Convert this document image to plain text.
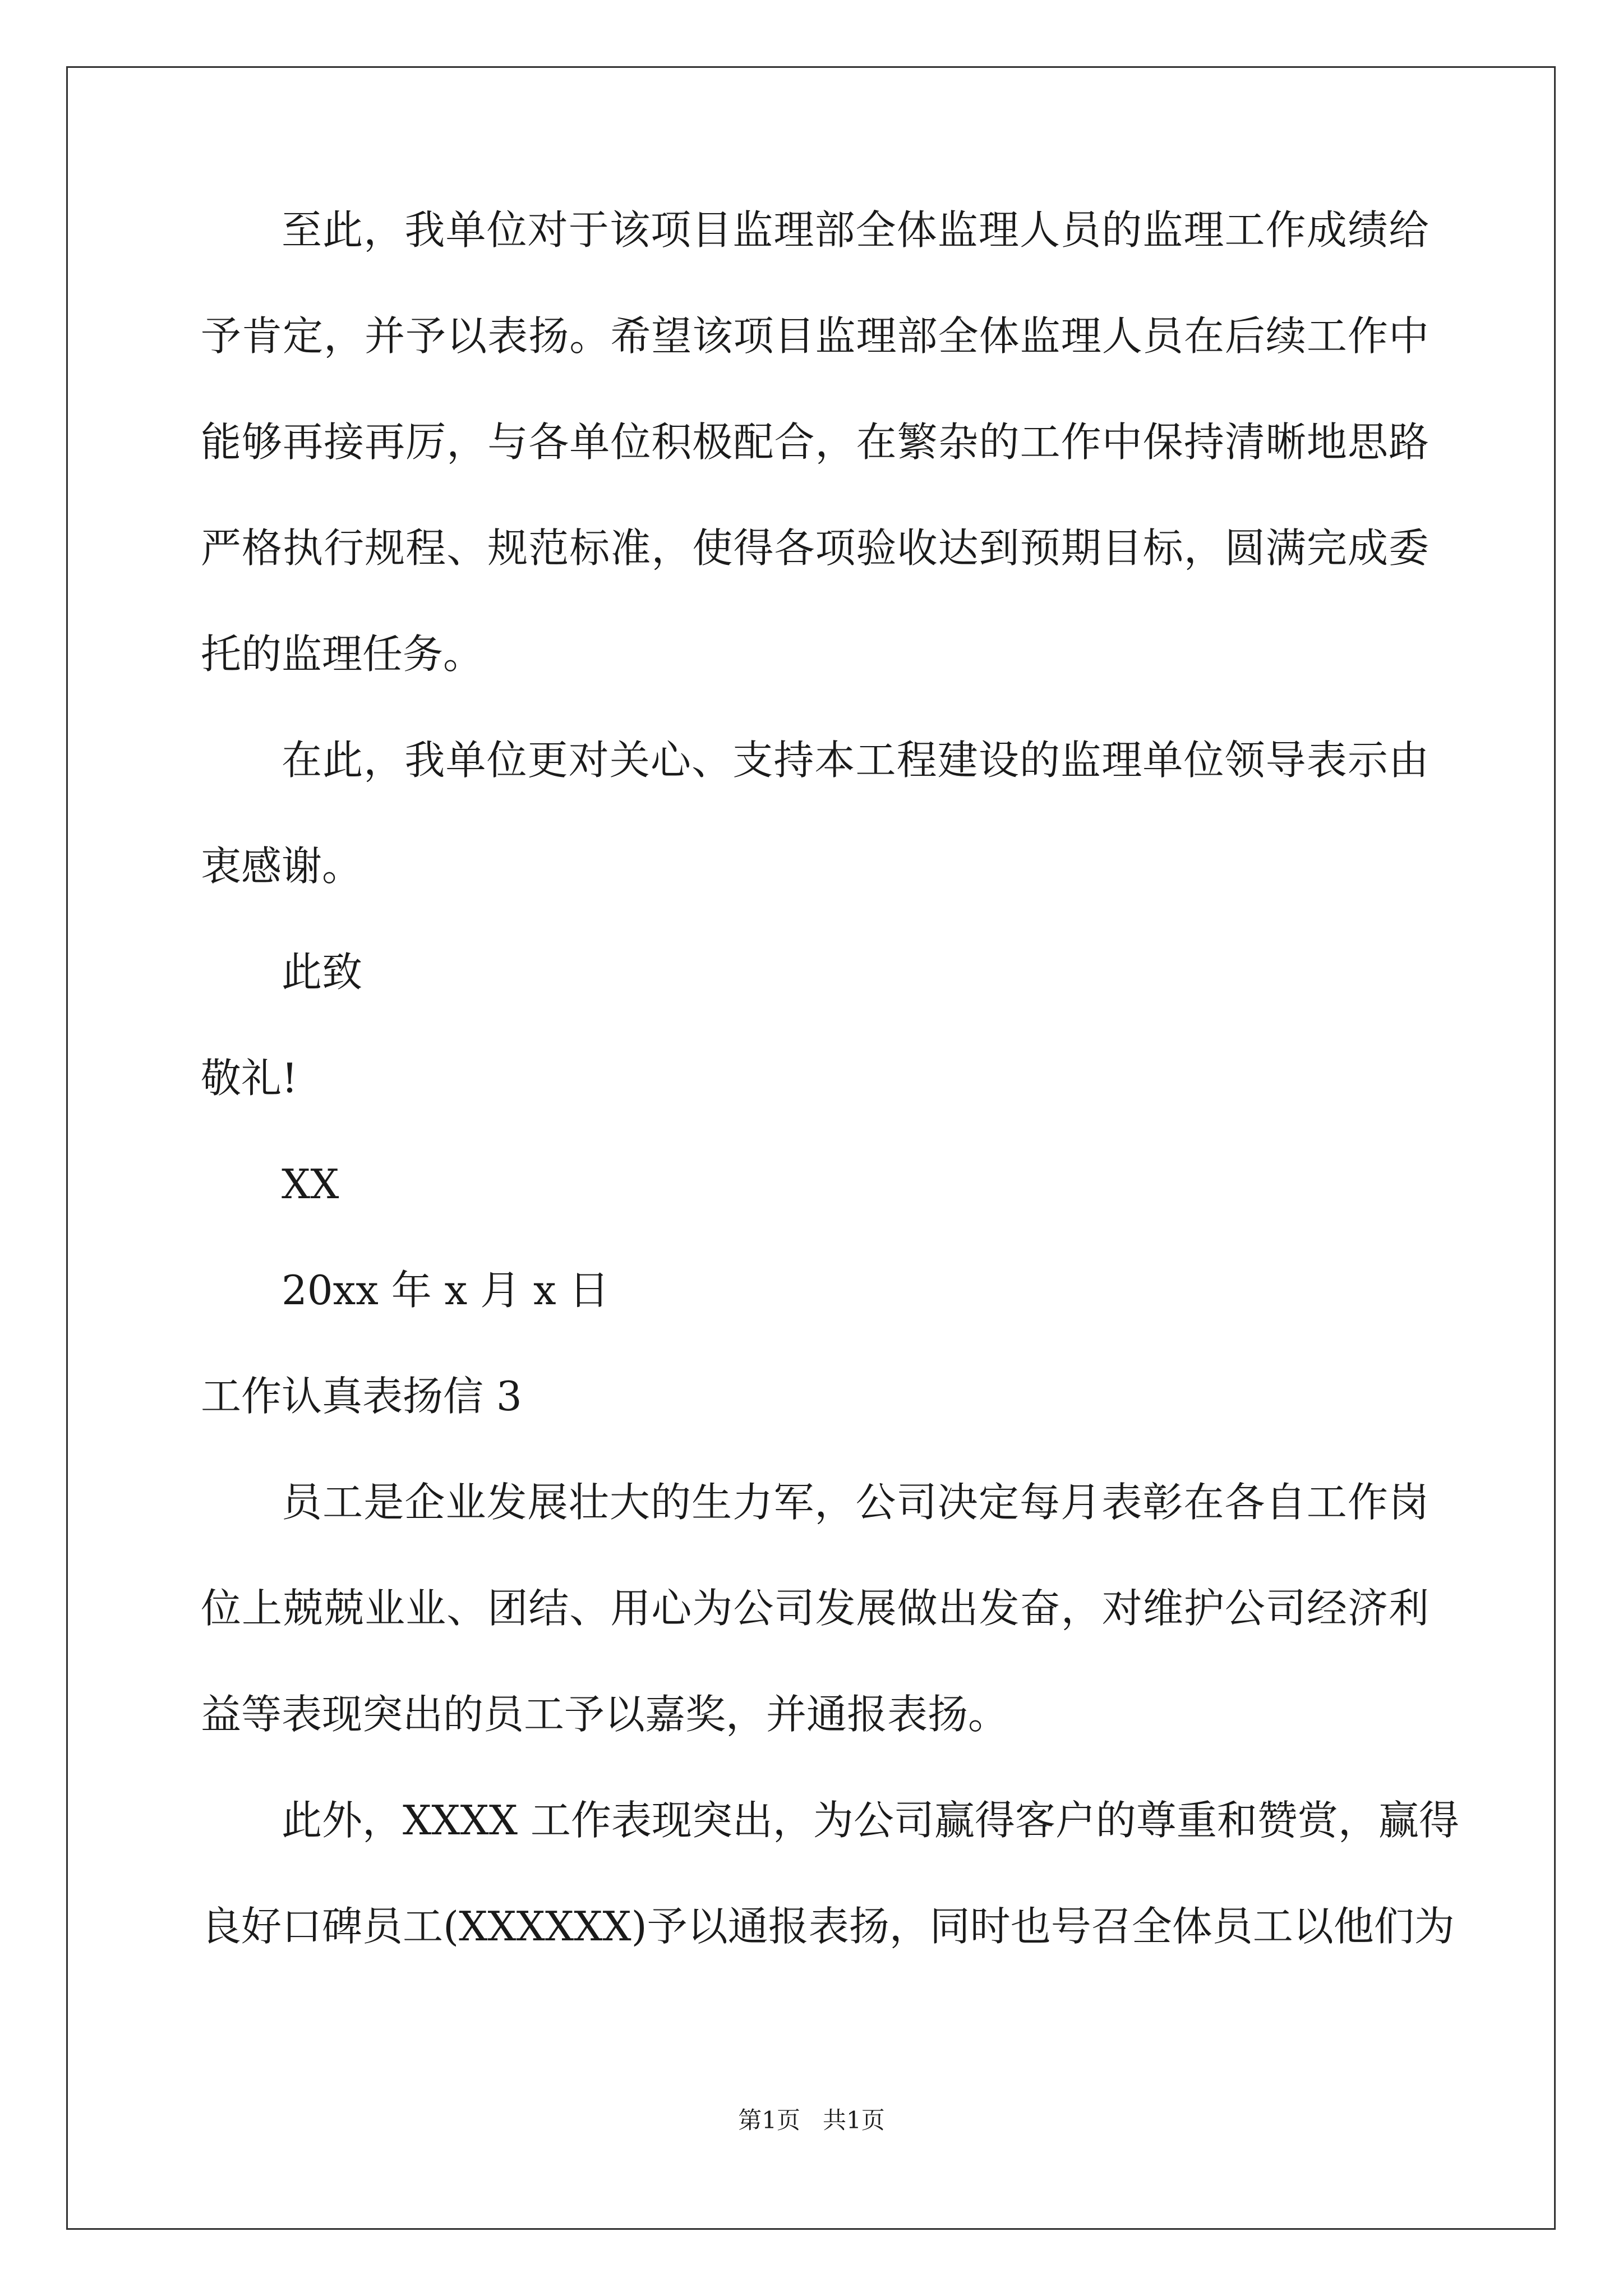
至此，我单位对于该项目监理部全体监理人员的监理工作成绩给
予肯定，并予以表扬。希望该项目监理部全体监理人员在后续工作中
能够再接再厉，与各单位积极配合，在繁杂的工作中保持清晰地思路
严格执行规程、规范标准，使得各项验收达到预期目标，圆满完成委
托的监理任务。
在此，我单位更对关心、支持本工程建设的监理单位领导表示由
衷感谢。
此致
敬礼!
XX
20xx 年 x 月 x 日
工作认真表扬信 3
员工是企业发展壮大的生力军，公司决定每月表彰在各自工作岗
位上兢兢业业、团结、用心为公司发展做出发奋，对维护公司经济利
益等表现突出的员工予以嘉奖，并通报表扬。
此外，XXXX 工作表现突出，为公司赢得客户的尊重和赞赏，赢得
良好口碑员工(XXXXXX)予以通报表扬，同时也号召全体员工以他们为
第1页   共1页
